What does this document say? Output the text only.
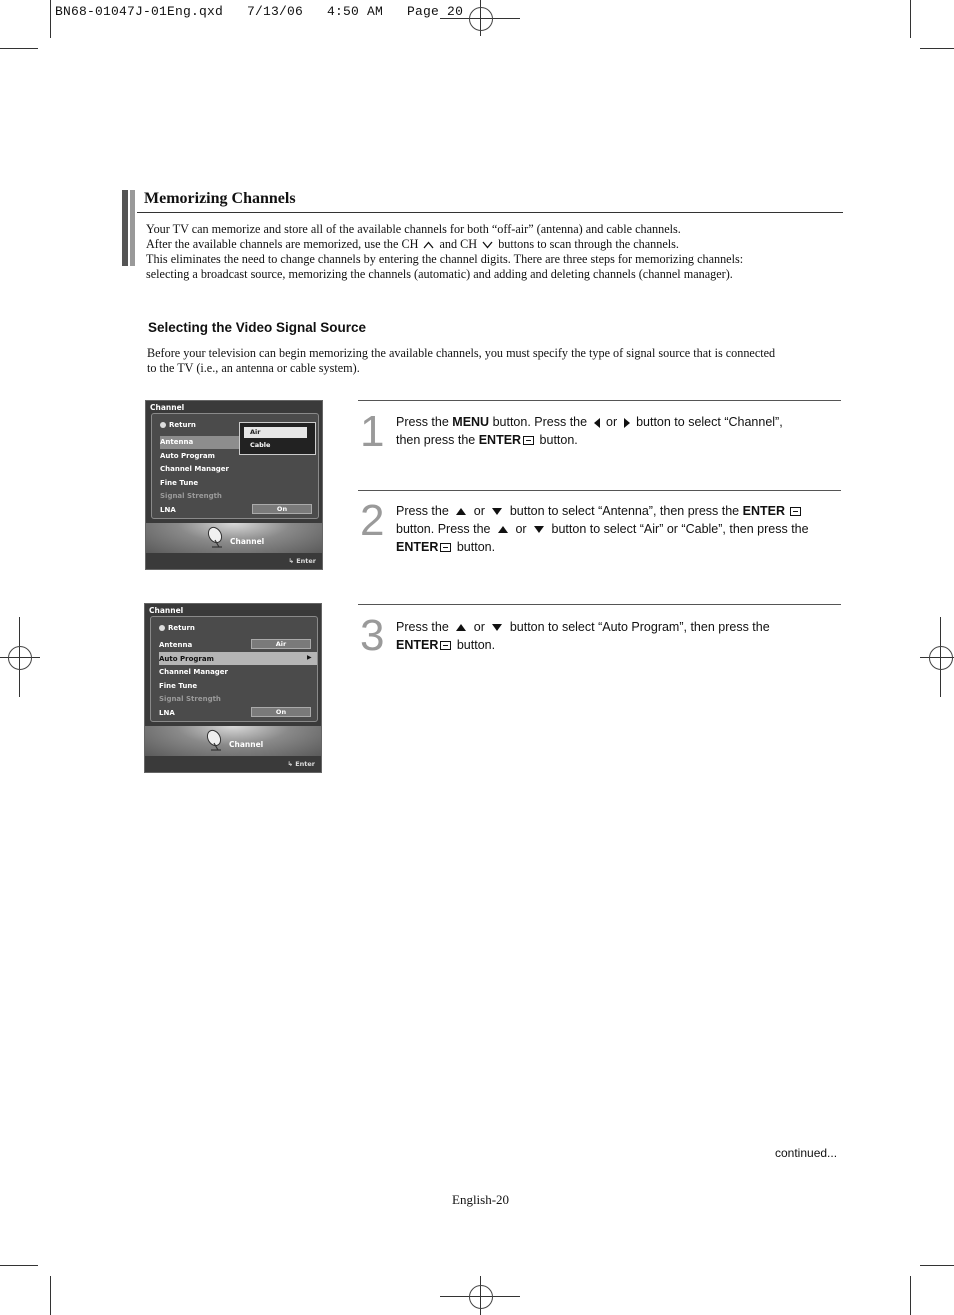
BN68-01047J-01Eng.qxd   7/13/06   4:50 AM   Page 20
Memorizing Channels
Your TV can memorize and store all of the available channels for both “off-air” (antenna) and cable channels.
After the available channels are memorized, use the CH and CH buttons to scan through the channels.
This eliminates the need to change channels by entering the channel digits. There are three steps for memorizing channels:
selecting a broadcast source, memorizing the channels (automatic) and adding and deleting channels (channel manager).
Selecting the Video Signal Source
Before your television can begin memorizing the available channels, you must specify the type of signal source that is connected
to the TV (i.e., an antenna or cable system).
Channel
Return
Antenna
Auto Program
Channel Manager
Fine Tune
Signal Strength
LNA	On
Air
Cable
Channel
↳ Enter
Channel
Return
Antenna	Air
Auto Program	▶
Channel Manager
Fine Tune
Signal Strength
LNA	On
Channel
↳ Enter
1 Press the MENU button. Press the  or  button to select “Channel”,
then press the ENTER button.
2 Press the  or  button to select “Antenna”, then press the ENTER
button. Press the  or  button to select “Air” or “Cable”, then press the
ENTER button.
3 Press the  or  button to select “Auto Program”, then press the
ENTER button.
continued...
English-20
